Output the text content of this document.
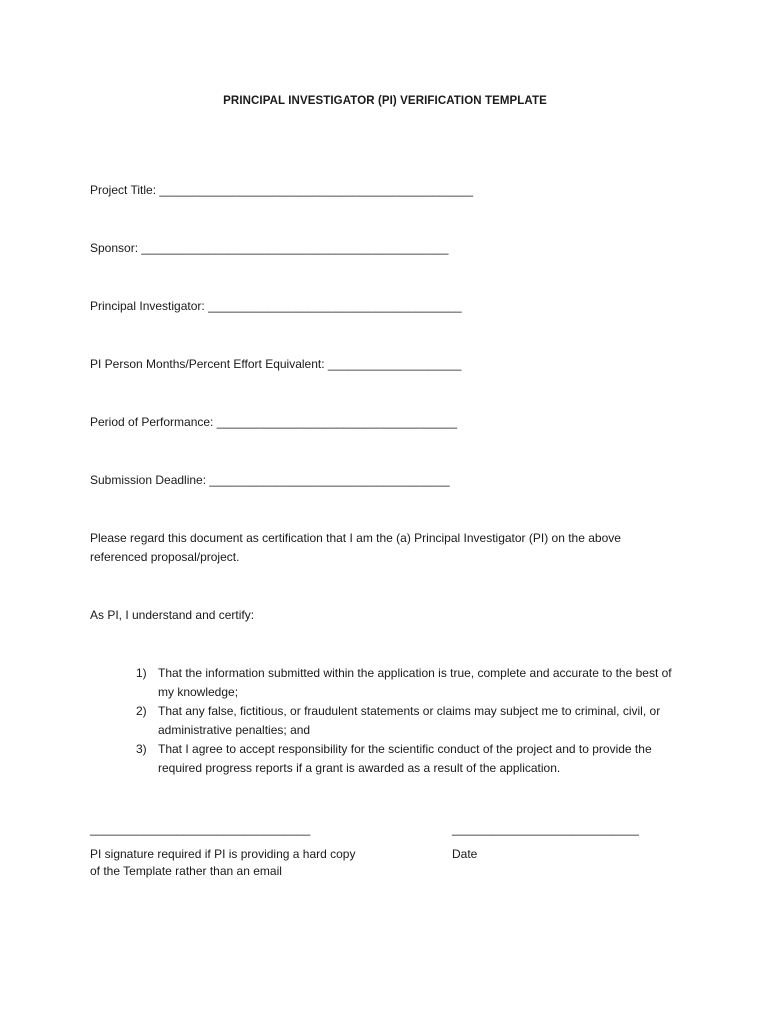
PRINCIPAL INVESTIGATOR (PI) VERIFICATION TEMPLATE
Project Title: _______________________________________________
Sponsor: ______________________________________________
Principal Investigator: ______________________________________
PI Person Months/Percent Effort Equivalent: ____________________
Period of Performance: ____________________________________
Submission Deadline: ____________________________________
Please regard this document as certification that I am the (a) Principal Investigator (PI) on the above referenced proposal/project.
As PI, I understand and certify:
1) That the information submitted within the application is true, complete and accurate to the best of my knowledge;
2) That any false, fictitious, or fraudulent statements or claims may subject me to criminal, civil, or administrative penalties; and
3) That I agree to accept responsibility for the scientific conduct of the project and to provide the required progress reports if a grant is awarded as a result of the application.
_________________________________
PI signature required if PI is providing a hard copy of the Template rather than an email
____________________________
Date
